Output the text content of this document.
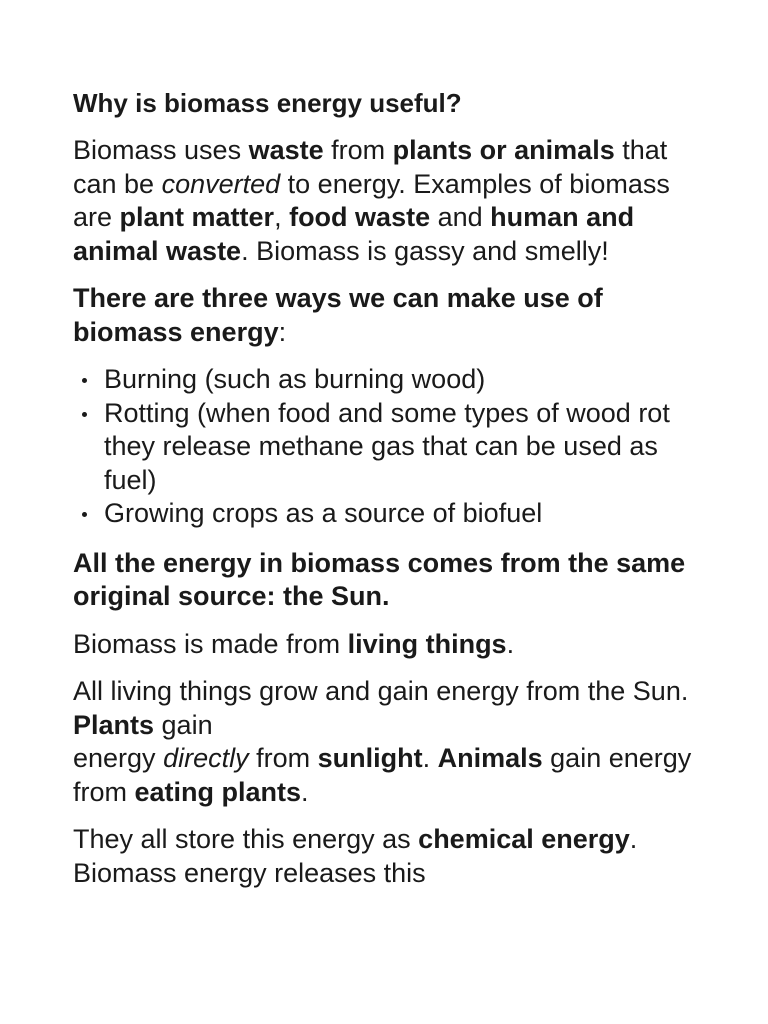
Why is biomass energy useful?

Biomass uses waste from plants or animals that can be converted to energy. Examples of biomass are plant matter, food waste and human and animal waste. Biomass is gassy and smelly!

There are three ways we can make use of biomass energy:

Burning (such as burning wood)
Rotting (when food and some types of wood rot they release methane gas that can be used as fuel)
Growing crops as a source of biofuel

All the energy in biomass comes from the same original source: the Sun.

Biomass is made from living things.

All living things grow and gain energy from the Sun. Plants gain
energy directly from sunlight. Animals gain energy from eating plants.

They all store this energy as chemical energy. Biomass energy releases this
